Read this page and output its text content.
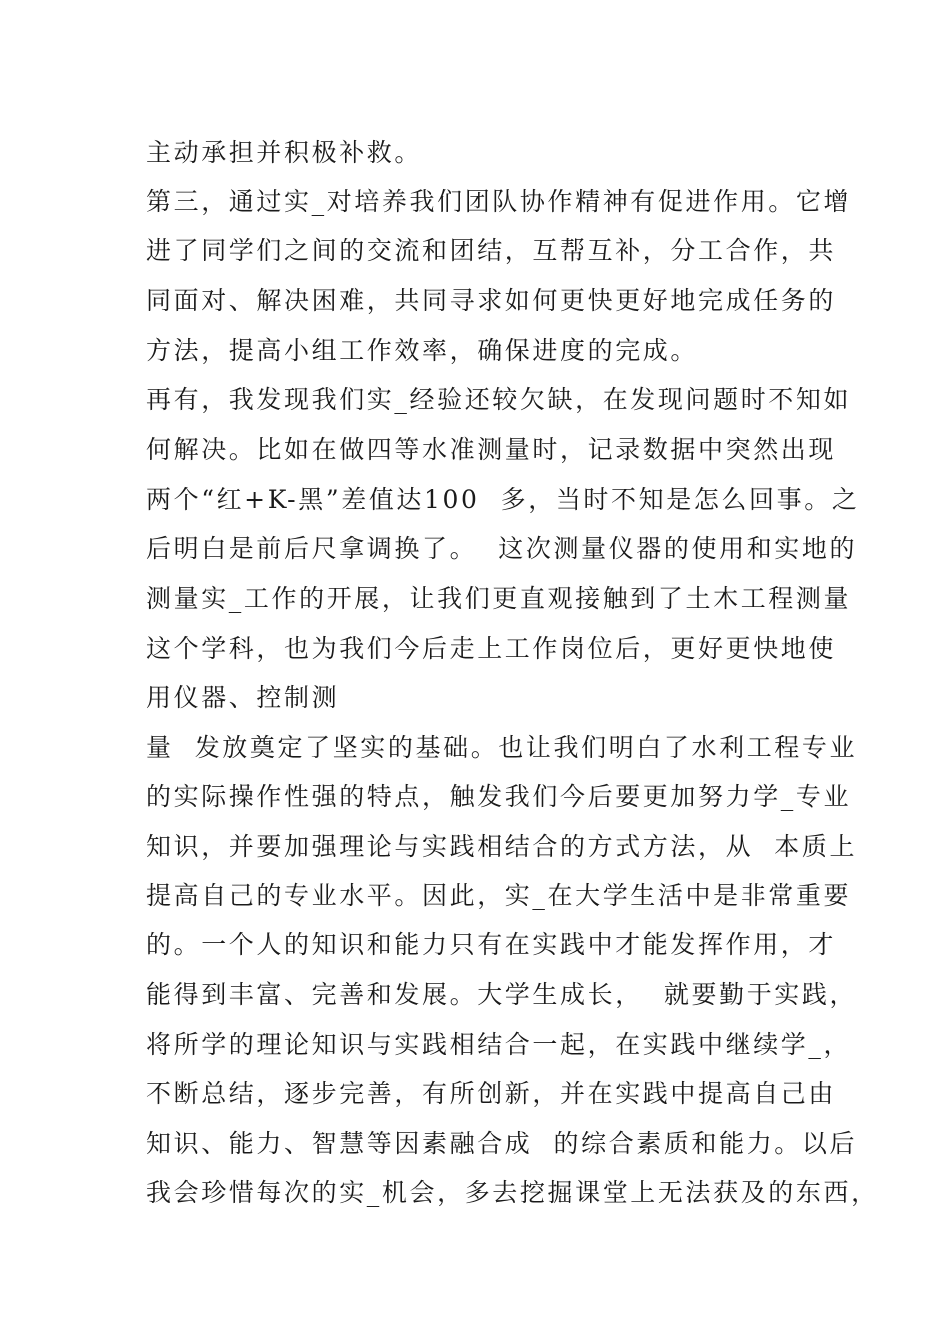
主动承担并积极补救。
第三，通过实_对培养我们团队协作精神有促进作用。它增
进了同学们之间的交流和团结，互帮互补，分工合作，共
同面对、解决困难，共同寻求如何更快更好地完成任务的
方法，提高小组工作效率，确保进度的完成。
再有，我发现我们实_经验还较欠缺，在发现问题时不知如
何解决。比如在做四等水准测量时，记录数据中突然出现
两个“红+K-黑”差值达100  多，当时不知是怎么回事。之
后明白是前后尺拿调换了。  这次测量仪器的使用和实地的
测量实_工作的开展，让我们更直观接触到了土木工程测量
这个学科，也为我们今后走上工作岗位后，更好更快地使
用仪器、控制测
量  发放奠定了坚实的基础。也让我们明白了水利工程专业
的实际操作性强的特点，触发我们今后要更加努力学_专业
知识，并要加强理论与实践相结合的方式方法，从  本质上
提高自己的专业水平。因此，实_在大学生活中是非常重要
的。一个人的知识和能力只有在实践中才能发挥作用，才
能得到丰富、完善和发展。大学生成长，  就要勤于实践，
将所学的理论知识与实践相结合一起，在实践中继续学_，
不断总结，逐步完善，有所创新，并在实践中提高自己由
知识、能力、智慧等因素融合成  的综合素质和能力。以后
我会珍惜每次的实_机会，多去挖掘课堂上无法获及的东西，
